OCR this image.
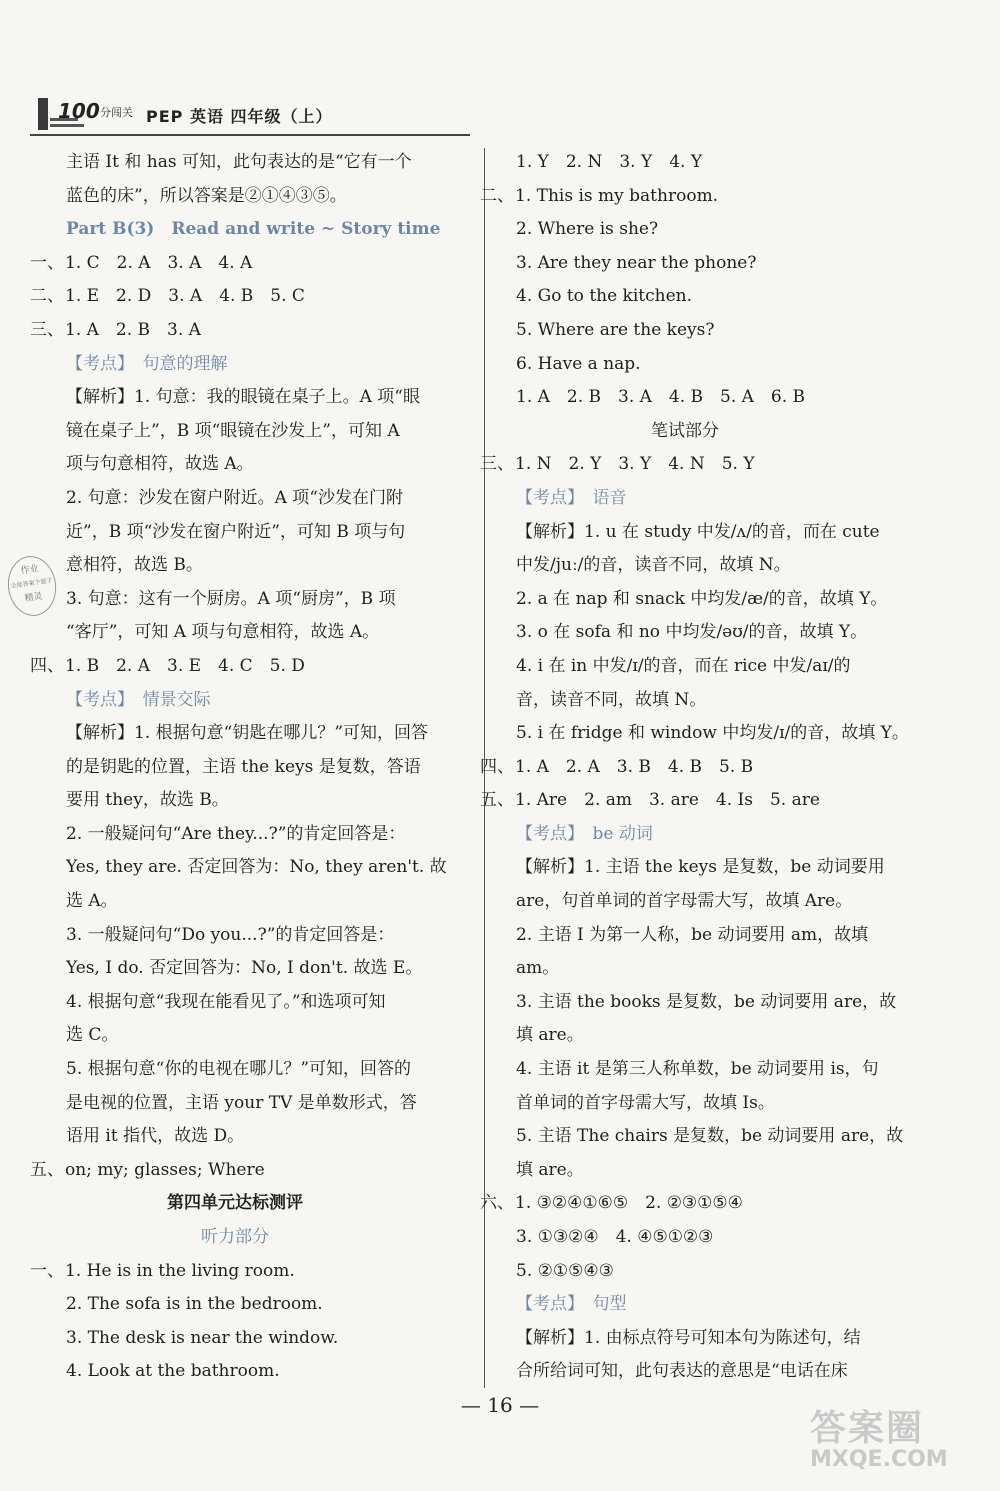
100 分闯关 PEP 英语 四年级（上）
主语 It 和 has 可知，此句表达的是“它有一个
蓝色的床”，所以答案是②①④③⑤。
Part B(3)　Read and write ~ Story time
一、1. C　2. A　3. A　4. A
二、1. E　2. D　3. A　4. B　5. C
三、1. A　2. B　3. A
【考点】　句意的理解
【解析】1. 句意：我的眼镜在桌子上。A 项“眼
镜在桌子上”，B 项“眼镜在沙发上”，可知 A
项与句意相符，故选 A。
2. 句意：沙发在窗户附近。A 项“沙发在门附
近”，B 项“沙发在窗户附近”，可知 B 项与句
意相符，故选 B。
3. 句意：这有一个厨房。A 项“厨房”，B 项
“客厅”，可知 A 项与句意相符，故选 A。
四、1. B　2. A　3. E　4. C　5. D
【考点】　情景交际
【解析】1. 根据句意“钥匙在哪儿？”可知，回答
的是钥匙的位置，主语 the keys 是复数，答语
要用 they，故选 B。
2. 一般疑问句“Are they...?”的肯定回答是：
Yes, they are. 否定回答为：No, they aren't. 故
选 A。
3. 一般疑问句“Do you...?”的肯定回答是：
Yes, I do. 否定回答为：No, I don't. 故选 E。
4. 根据句意“我现在能看见了。”和选项可知
选 C。
5. 根据句意“你的电视在哪儿？”可知，回答的
是电视的位置，主语 your TV 是单数形式，答
语用 it 指代，故选 D。
五、on; my; glasses; Where
第四单元达标测评
听力部分
一、1. He is in the living room.
2. The sofa is in the bedroom.
3. The desk is near the window.
4. Look at the bathroom.
1. Y　2. N　3. Y　4. Y
二、1. This is my bathroom.
2. Where is she?
3. Are they near the phone?
4. Go to the kitchen.
5. Where are the keys?
6. Have a nap.
1. A　2. B　3. A　4. B　5. A　6. B
笔试部分
三、1. N　2. Y　3. Y　4. N　5. Y
【考点】　语音
【解析】1. u 在 study 中发/ʌ/的音，而在 cute
中发/juː/的音，读音不同，故填 N。
2. a 在 nap 和 snack 中均发/æ/的音，故填 Y。
3. o 在 sofa 和 no 中均发/əʊ/的音，故填 Y。
4. i 在 in 中发/ɪ/的音，而在 rice 中发/aɪ/的
音，读音不同，故填 N。
5. i 在 fridge 和 window 中均发/ɪ/的音，故填 Y。
四、1. A　2. A　3. B　4. B　5. B
五、1. Are　2. am　3. are　4. Is　5. are
【考点】　be 动词
【解析】1. 主语 the keys 是复数，be 动词要用
are，句首单词的首字母需大写，故填 Are。
2. 主语 I 为第一人称，be 动词要用 am，故填
am。
3. 主语 the books 是复数，be 动词要用 are，故
填 are。
4. 主语 it 是第三人称单数，be 动词要用 is，句
首单词的首字母需大写，故填 Is。
5. 主语 The chairs 是复数，be 动词要用 are，故
填 are。
六、1. ③②④①⑥⑤　2. ②③①⑤④
3. ①③②④　4. ④⑤①②③
5. ②①⑤④③
【考点】　句型
【解析】1. 由标点符号可知本句为陈述句，结
合所给词可知，此句表达的意思是“电话在床
作业
全能答案个题子
精灵
— 16 —
答案圈
MXQE.COM
